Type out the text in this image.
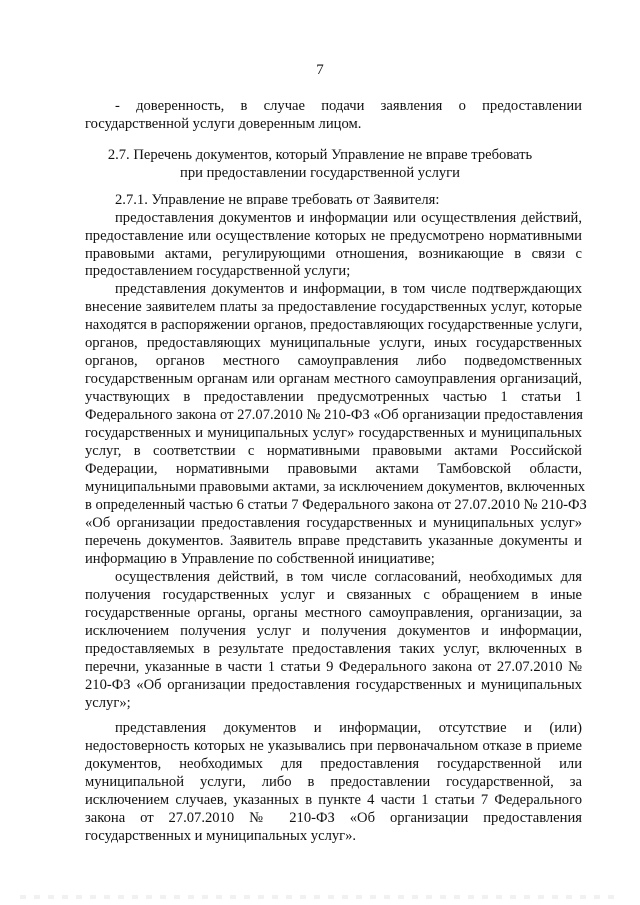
7
- доверенность, в случае подачи заявления о предоставлении
государственной услуги доверенным лицом.
2.7. Перечень документов, который Управление не вправе требовать
при предоставлении государственной услуги
2.7.1. Управление не вправе требовать от Заявителя:
предоставления документов и информации или осуществления действий,
предоставление или осуществление которых не предусмотрено нормативными
правовыми актами, регулирующими отношения, возникающие в связи с
предоставлением государственной услуги;
представления документов и информации, в том числе подтверждающих
внесение заявителем платы за предоставление государственных услуг, которые
находятся в распоряжении органов, предоставляющих государственные услуги,
органов, предоставляющих муниципальные услуги, иных государственных
органов, органов местного самоуправления либо подведомственных
государственным органам или органам местного самоуправления организаций,
участвующих в предоставлении предусмотренных частью 1 статьи 1
Федерального закона от 27.07.2010 № 210-ФЗ «Об организации предоставления
государственных и муниципальных услуг» государственных и муниципальных
услуг, в соответствии с нормативными правовыми актами Российской
Федерации, нормативными правовыми актами Тамбовской области,
муниципальными правовыми актами, за исключением документов, включенных
в определенный частью 6 статьи 7 Федерального закона от 27.07.2010 № 210-ФЗ
«Об организации предоставления государственных и муниципальных услуг»
перечень документов. Заявитель вправе представить указанные документы и
информацию в Управление по собственной инициативе;
осуществления действий, в том числе согласований, необходимых для
получения государственных услуг и связанных с обращением в иные
государственные органы, органы местного самоуправления, организации, за
исключением получения услуг и получения документов и информации,
предоставляемых в результате предоставления таких услуг, включенных в
перечни, указанные в части 1 статьи 9 Федерального закона от 27.07.2010 №
210-ФЗ «Об организации предоставления государственных и муниципальных
услуг»;
представления документов и информации, отсутствие и (или)
недостоверность которых не указывались при первоначальном отказе в приеме
документов, необходимых для предоставления государственной или
муниципальной услуги, либо в предоставлении государственной, за
исключением случаев, указанных в пункте 4 части 1 статьи 7 Федерального
закона от 27.07.2010 № 210-ФЗ «Об организации предоставления
государственных и муниципальных услуг».
